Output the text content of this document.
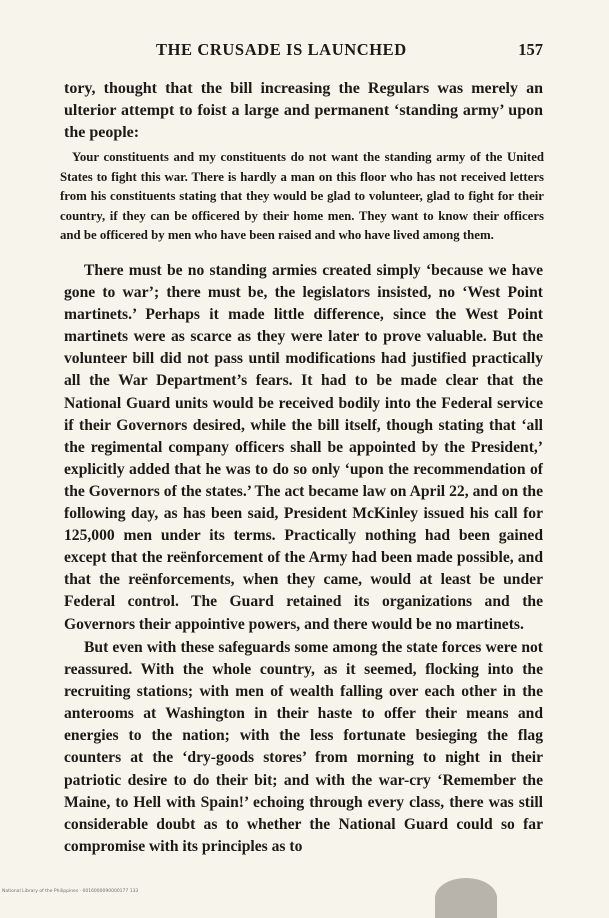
THE CRUSADE IS LAUNCHED	157

tory, thought that the bill increasing the Regulars was merely an ulterior attempt to foist a large and permanent ‘standing army’ upon the people:

Your constituents and my constituents do not want the standing army of the United States to fight this war. There is hardly a man on this floor who has not received letters from his constituents stating that they would be glad to volunteer, glad to fight for their country, if they can be officered by their home men. They want to know their officers and be officered by men who have been raised and who have lived among them.

There must be no standing armies created simply ‘because we have gone to war’; there must be, the legislators insisted, no ‘West Point martinets.’ Perhaps it made little difference, since the West Point martinets were as scarce as they were later to prove valuable. But the volunteer bill did not pass until modifications had justified practically all the War Department’s fears. It had to be made clear that the National Guard units would be received bodily into the Federal service if their Governors desired, while the bill itself, though stating that ‘all the regimental company officers shall be appointed by the President,’ explicitly added that he was to do so only ‘upon the recommendation of the Governors of the states.’ The act became law on April 22, and on the following day, as has been said, President McKinley issued his call for 125,000 men under its terms. Practically nothing had been gained except that the reënforcement of the Army had been made possible, and that the reënforcements, when they came, would at least be under Federal control. The Guard retained its organizations and the Governors their appointive powers, and there would be no martinets.

But even with these safeguards some among the state forces were not reassured. With the whole country, as it seemed, flocking into the recruiting stations; with men of wealth falling over each other in the anterooms at Washington in their haste to offer their means and energies to the nation; with the less fortunate besieging the flag counters at the ‘dry-goods stores’ from morning to night in their patriotic desire to do their bit; and with the war-cry ‘Remember the Maine, to Hell with Spain!’ echoing through every class, there was still considerable doubt as to whether the National Guard could so far compromise with its principles as to

National Library of the Philippines · 0016000090000177 133
